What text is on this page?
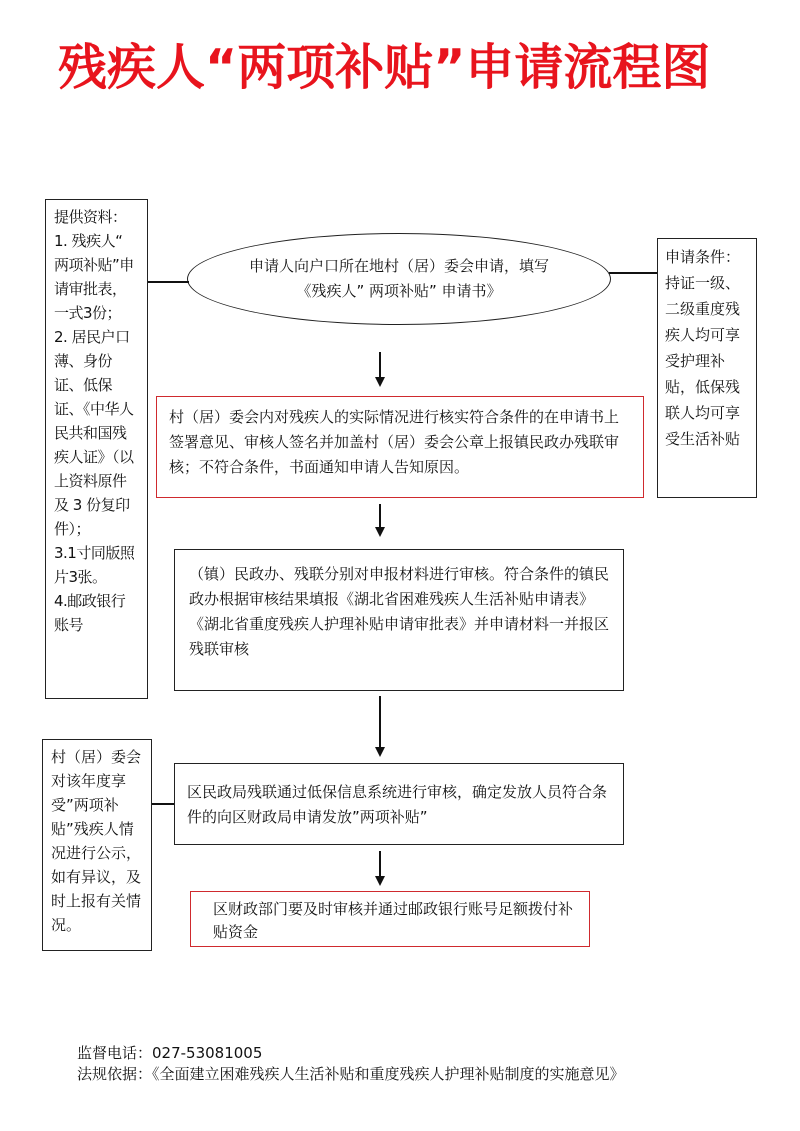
残疾人“两项补贴”申请流程图
提供资料：
1. 残疾人“ 两项补贴”申请审批表，一式3份；
2. 居民户口薄、身份证、低保证、《中华人民共和国残疾人证》（以上资料原件及 3 份复印件）；
3.1寸同版照片3张。
4.邮政银行账号
申请条件：持证一级、二级重度残疾人均可享受护理补贴，低保残联人均可享受生活补贴
村（居）委会对该年度享受”两项补贴”残疾人情况进行公示，如有异议，及时上报有关情况。
申请人向户口所在地村（居）委会申请，填写《残疾人” 两项补贴” 申请书》
村（居）委会内对残疾人的实际情况进行核实符合条件的在申请书上签署意见、审核人签名并加盖村（居）委会公章上报镇民政办残联审核；不符合条件，书面通知申请人告知原因。
（镇）民政办、残联分别对申报材料进行审核。符合条件的镇民政办根据审核结果填报《湖北省困难残疾人生活补贴申请表》《湖北省重度残疾人护理补贴申请审批表》并申请材料一并报区残联审核
区民政局残联通过低保信息系统进行审核，确定发放人员符合条件的向区财政局申请发放”两项补贴”
区财政部门要及时审核并通过邮政银行账号足额拨付补贴资金
监督电话：027-53081005
法规依据：《全面建立困难残疾人生活补贴和重度残疾人护理补贴制度的实施意见》
